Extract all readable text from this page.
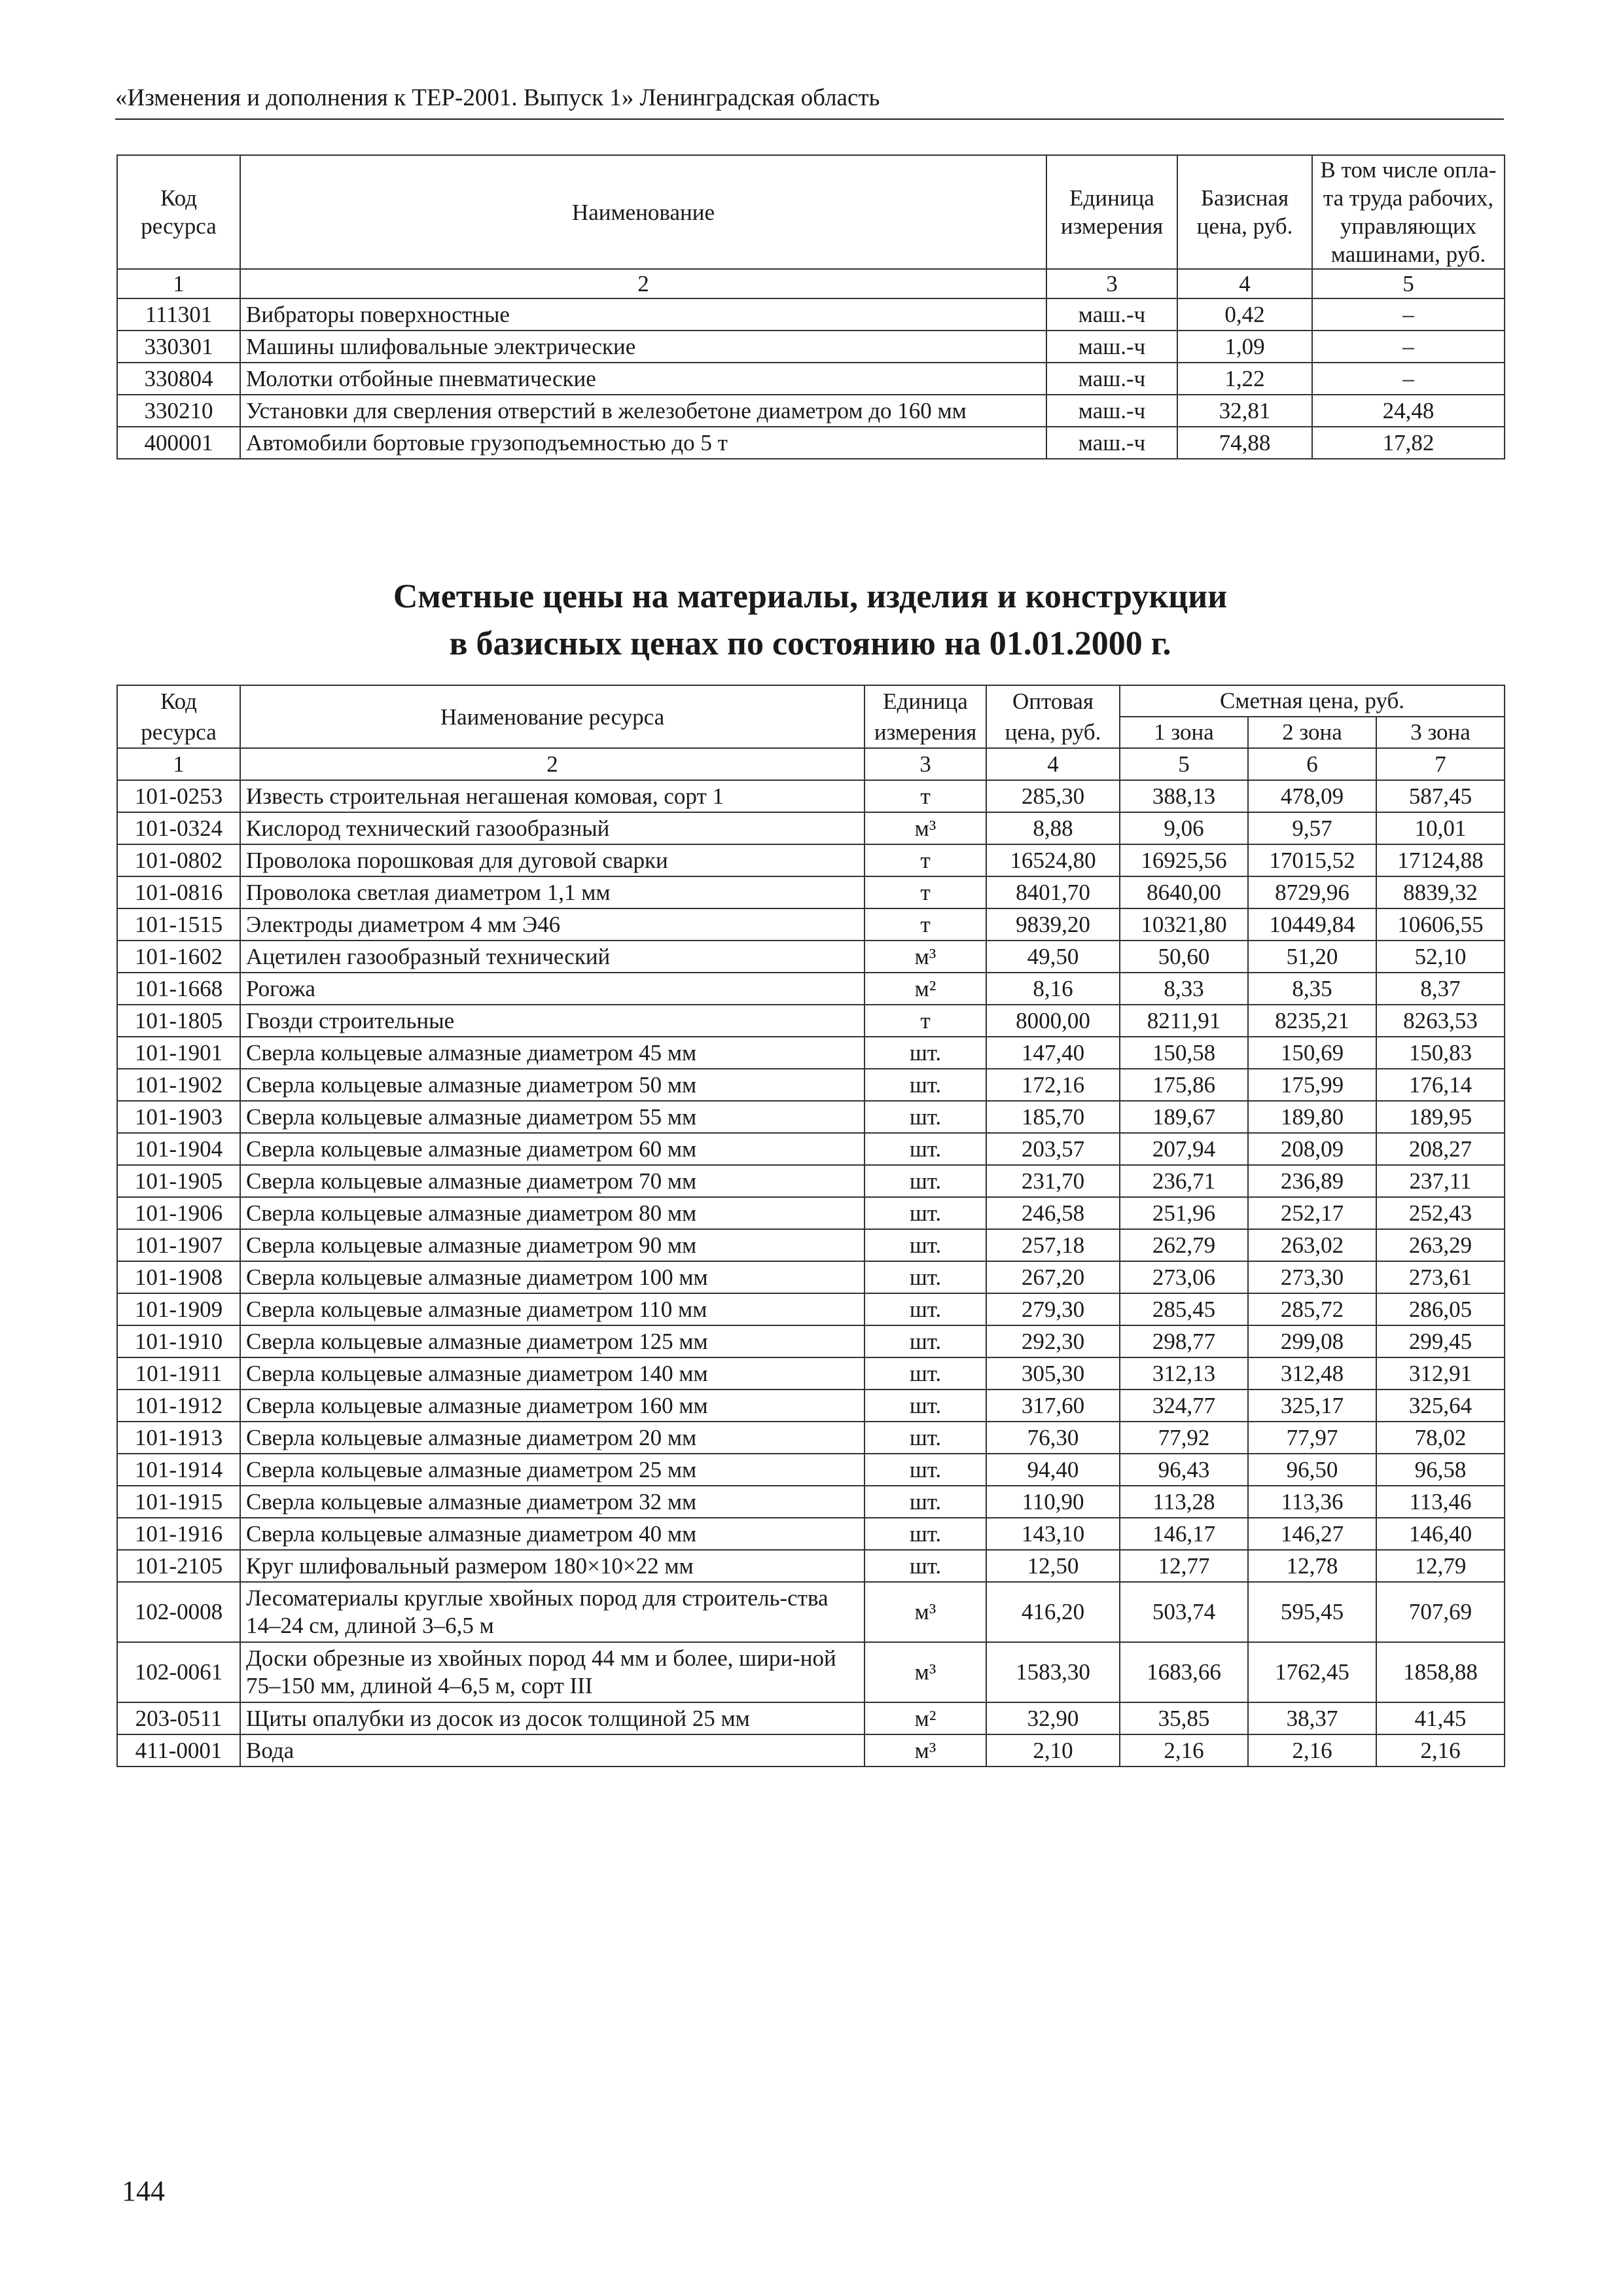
«Изменения и дополнения к ТЕР-2001. Выпуск 1» Ленинградская область
Код ресурса	Наименование	Единица измерения	Базисная цена, руб.	В том числе опла-та труда рабочих, управляющих машинами, руб.
1	2	3	4	5
111301	Вибраторы поверхностные	маш.-ч	0,42	–
330301	Машины шлифовальные электрические	маш.-ч	1,09	–
330804	Молотки отбойные пневматические	маш.-ч	1,22	–
330210	Установки для сверления отверстий в железобетоне диаметром до 160 мм	маш.-ч	32,81	24,48
400001	Автомобили бортовые грузоподъемностью до 5 т	маш.-ч	74,88	17,82
Сметные цены на материалы, изделия и конструкции
в базисных ценах по состоянию на 01.01.2000 г.
Код ресурса	Наименование ресурса	Единица измерения	Оптовая цена, руб.	Сметная цена, руб.		
				1 зона	2 зона	3 зона
1	2	3	4	5	6	7
101-0253	Известь строительная негашеная комовая, сорт 1	т	285,30	388,13	478,09	587,45
101-0324	Кислород технический газообразный	м³	8,88	9,06	9,57	10,01
101-0802	Проволока порошковая для дуговой сварки	т	16524,80	16925,56	17015,52	17124,88
101-0816	Проволока светлая диаметром 1,1 мм	т	8401,70	8640,00	8729,96	8839,32
101-1515	Электроды диаметром 4 мм Э46	т	9839,20	10321,80	10449,84	10606,55
101-1602	Ацетилен газообразный технический	м³	49,50	50,60	51,20	52,10
101-1668	Рогожа	м²	8,16	8,33	8,35	8,37
101-1805	Гвозди строительные	т	8000,00	8211,91	8235,21	8263,53
101-1901	Сверла кольцевые алмазные диаметром 45 мм	шт.	147,40	150,58	150,69	150,83
101-1902	Сверла кольцевые алмазные диаметром 50 мм	шт.	172,16	175,86	175,99	176,14
101-1903	Сверла кольцевые алмазные диаметром 55 мм	шт.	185,70	189,67	189,80	189,95
101-1904	Сверла кольцевые алмазные диаметром 60 мм	шт.	203,57	207,94	208,09	208,27
101-1905	Сверла кольцевые алмазные диаметром 70 мм	шт.	231,70	236,71	236,89	237,11
101-1906	Сверла кольцевые алмазные диаметром 80 мм	шт.	246,58	251,96	252,17	252,43
101-1907	Сверла кольцевые алмазные диаметром 90 мм	шт.	257,18	262,79	263,02	263,29
101-1908	Сверла кольцевые алмазные диаметром 100 мм	шт.	267,20	273,06	273,30	273,61
101-1909	Сверла кольцевые алмазные диаметром 110 мм	шт.	279,30	285,45	285,72	286,05
101-1910	Сверла кольцевые алмазные диаметром 125 мм	шт.	292,30	298,77	299,08	299,45
101-1911	Сверла кольцевые алмазные диаметром 140 мм	шт.	305,30	312,13	312,48	312,91
101-1912	Сверла кольцевые алмазные диаметром 160 мм	шт.	317,60	324,77	325,17	325,64
101-1913	Сверла кольцевые алмазные диаметром 20 мм	шт.	76,30	77,92	77,97	78,02
101-1914	Сверла кольцевые алмазные диаметром 25 мм	шт.	94,40	96,43	96,50	96,58
101-1915	Сверла кольцевые алмазные диаметром 32 мм	шт.	110,90	113,28	113,36	113,46
101-1916	Сверла кольцевые алмазные диаметром 40 мм	шт.	143,10	146,17	146,27	146,40
101-2105	Круг шлифовальный размером 180×10×22 мм	шт.	12,50	12,77	12,78	12,79
102-0008	Лесоматериалы круглые хвойных пород для строитель-ства 14–24 см, длиной 3–6,5 м	м³	416,20	503,74	595,45	707,69
102-0061	Доски обрезные из хвойных пород 44 мм и более, шири-ной 75–150 мм, длиной 4–6,5 м, сорт III	м³	1583,30	1683,66	1762,45	1858,88
203-0511	Щиты опалубки из досок из досок толщиной 25 мм	м²	32,90	35,85	38,37	41,45
411-0001	Вода	м³	2,10	2,16	2,16	2,16
144
